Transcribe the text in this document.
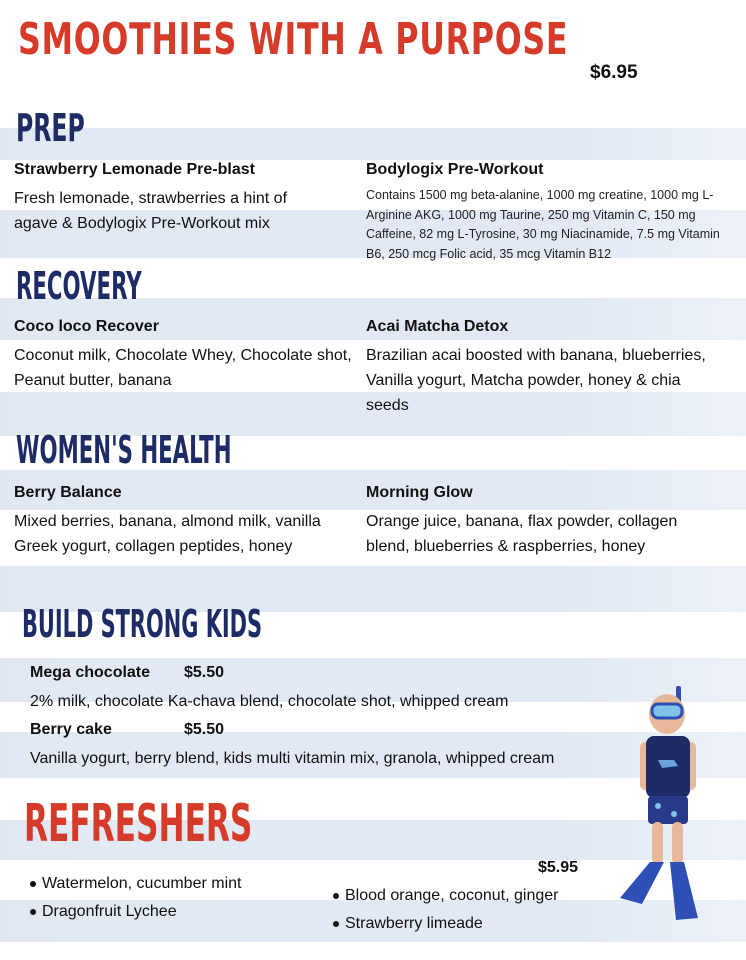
SMOOTHIES WITH A PURPOSE
$6.95
PREP
Strawberry Lemonade Pre-blast
Fresh lemonade, strawberries a hint of agave & Bodylogix Pre-Workout mix
Bodylogix Pre-Workout
Contains 1500 mg beta-alanine, 1000 mg creatine, 1000 mg L-Arginine AKG, 1000 mg Taurine, 250 mg Vitamin C, 150 mg Caffeine, 82 mg L-Tyrosine, 30 mg Niacinamide, 7.5 mg Vitamin B6, 250 mcg Folic acid, 35 mcg Vitamin B12
RECOVERY
Coco loco Recover
Coconut milk, Chocolate Whey, Chocolate shot, Peanut butter, banana
Acai Matcha Detox
Brazilian acai boosted with banana, blueberries, Vanilla yogurt, Matcha powder, honey & chia seeds
WOMEN'S HEALTH
Berry Balance
Mixed berries, banana, almond milk, vanilla Greek yogurt, collagen peptides, honey
Morning Glow
Orange juice, banana, flax powder, collagen blend, blueberries & raspberries, honey
BUILD STRONG KIDS
Mega chocolate $5.50
2% milk, chocolate Ka-chava blend, chocolate shot, whipped cream
Berry cake	$5.50
Vanilla yogurt, berry blend, kids multi vitamin mix, granola, whipped cream
REFRESHERS
$5.95
Watermelon, cucumber mint
Dragonfruit Lychee
Blood orange, coconut, ginger
Strawberry limeade
